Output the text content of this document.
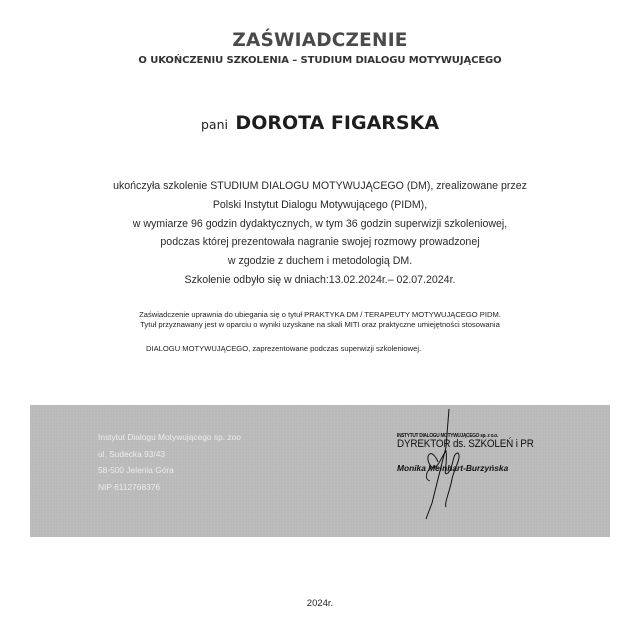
ZAŚWIADCZENIE
O UKOŃCZENIU SZKOLENIA – STUDIUM DIALOGU MOTYWUJĄCEGO
pani DOROTA FIGARSKA
ukończyła szkolenie STUDIUM DIALOGU MOTYWUJĄCEGO (DM), zrealizowane przez
Polski Instytut Dialogu Motywującego (PIDM),
w wymiarze 96 godzin dydaktycznych, w tym 36 godzin superwizji szkoleniowej,
podczas której prezentowała nagranie swojej rozmowy prowadzonej
w zgodzie z duchem i metodologią DM.
Szkolenie odbyło się w dniach:13.02.2024r.– 02.07.2024r.
Zaświadczenie uprawnia do ubiegania się o tytuł PRAKTYKA DM / TERAPEUTY MOTYWUJĄCEGO PIDM.
Tytuł przyznawany jest w oparciu o wyniki uzyskane na skali MITI oraz praktyczne umiejętności stosowania
DIALOGU MOTYWUJĄCEGO, zaprezentowane podczas superwizji szkoleniowej.
Instytut Dialogu Motywującego sp. zoo
ul. Sudecka 93/43
58-500 Jelenia Góra
NIP 6112768376
INSTYTUT DIALOGU MOTYWUJĄCEGO sp. z o.o.
DYREKTOR ds. SZKOLEŃ i PR
Monika Meinhart-Burzyńska
2024r.
